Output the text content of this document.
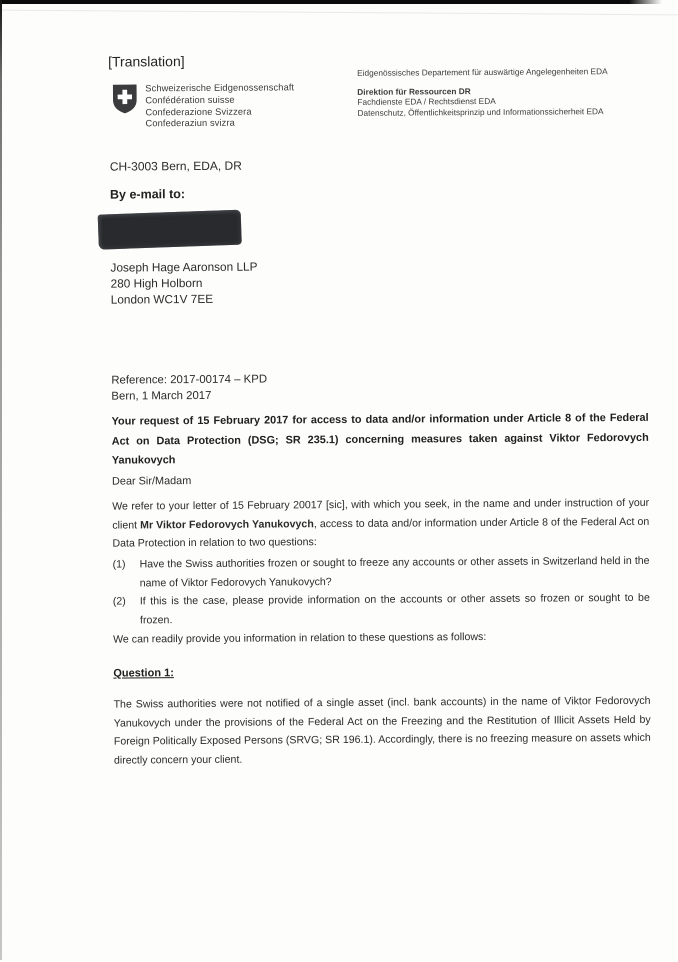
[Translation]
Schweizerische Eidgenossenschaft
Confédération suisse
Confederazione Svizzera
Confederaziun svizra
Eidgenössisches Departement für auswärtige Angelegenheiten EDA
Direktion für Ressourcen DR
Fachdienste EDA / Rechtsdienst EDA
Datenschutz, Öffentlichkeitsprinzip und Informationssicherheit EDA
CH-3003 Bern, EDA, DR
By e-mail to:
Joseph Hage Aaronson LLP
280 High Holborn
London WC1V 7EE
Reference: 2017-00174 – KPD
Bern, 1 March 2017
Your request of 15 February 2017 for access to data and/or information under Article 8 of the Federal Act on Data Protection (DSG; SR 235.1) concerning measures taken against Viktor Fedorovych Yanukovych
Dear Sir/Madam
We refer to your letter of 15 February 20017 [sic], with which you seek, in the name and under instruction of your client Mr Viktor Fedorovych Yanukovych, access to data and/or information under Article 8 of the Federal Act on Data Protection in relation to two questions:
(1)	Have the Swiss authorities frozen or sought to freeze any accounts or other assets in Switzerland held in the name of Viktor Fedorovych Yanukovych?
(2)	If this is the case, please provide information on the accounts or other assets so frozen or sought to be frozen.
We can readily provide you information in relation to these questions as follows:
Question 1:
The Swiss authorities were not notified of a single asset (incl. bank accounts) in the name of Viktor Fedorovych Yanukovych under the provisions of the Federal Act on the Freezing and the Restitution of Illicit Assets Held by Foreign Politically Exposed Persons (SRVG; SR 196.1). Accordingly, there is no freezing measure on assets which directly concern your client.
